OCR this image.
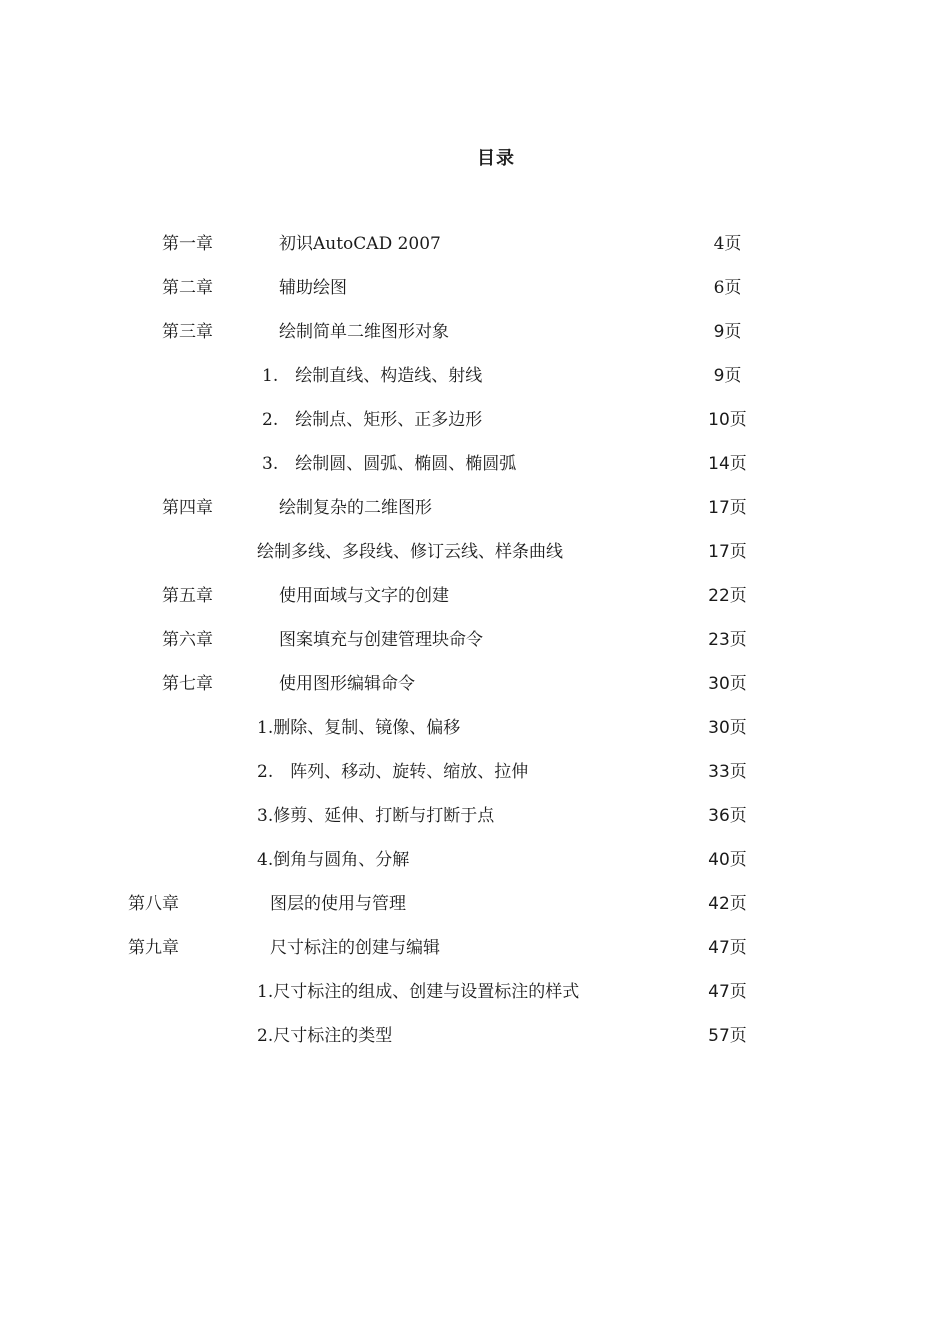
目录
第一章	初识AutoCAD 2007	4页
第二章	辅助绘图	6页
第三章	绘制简单二维图形对象	9页
1.　绘制直线、构造线、射线	9页
2.　绘制点、矩形、正多边形	10页
3.　绘制圆、圆弧、椭圆、椭圆弧	14页
第四章	绘制复杂的二维图形	17页
绘制多线、多段线、修订云线、样条曲线	17页
第五章	使用面域与文字的创建	22页
第六章	图案填充与创建管理块命令	23页
第七章	使用图形编辑命令	30页
1.删除、复制、镜像、偏移	30页
2.　阵列、移动、旋转、缩放、拉伸	33页
3.修剪、延伸、打断与打断于点	36页
4.倒角与圆角、分解	40页
第八章	图层的使用与管理	42页
第九章	尺寸标注的创建与编辑	47页
1.尺寸标注的组成、创建与设置标注的样式	47页
2.尺寸标注的类型	57页
